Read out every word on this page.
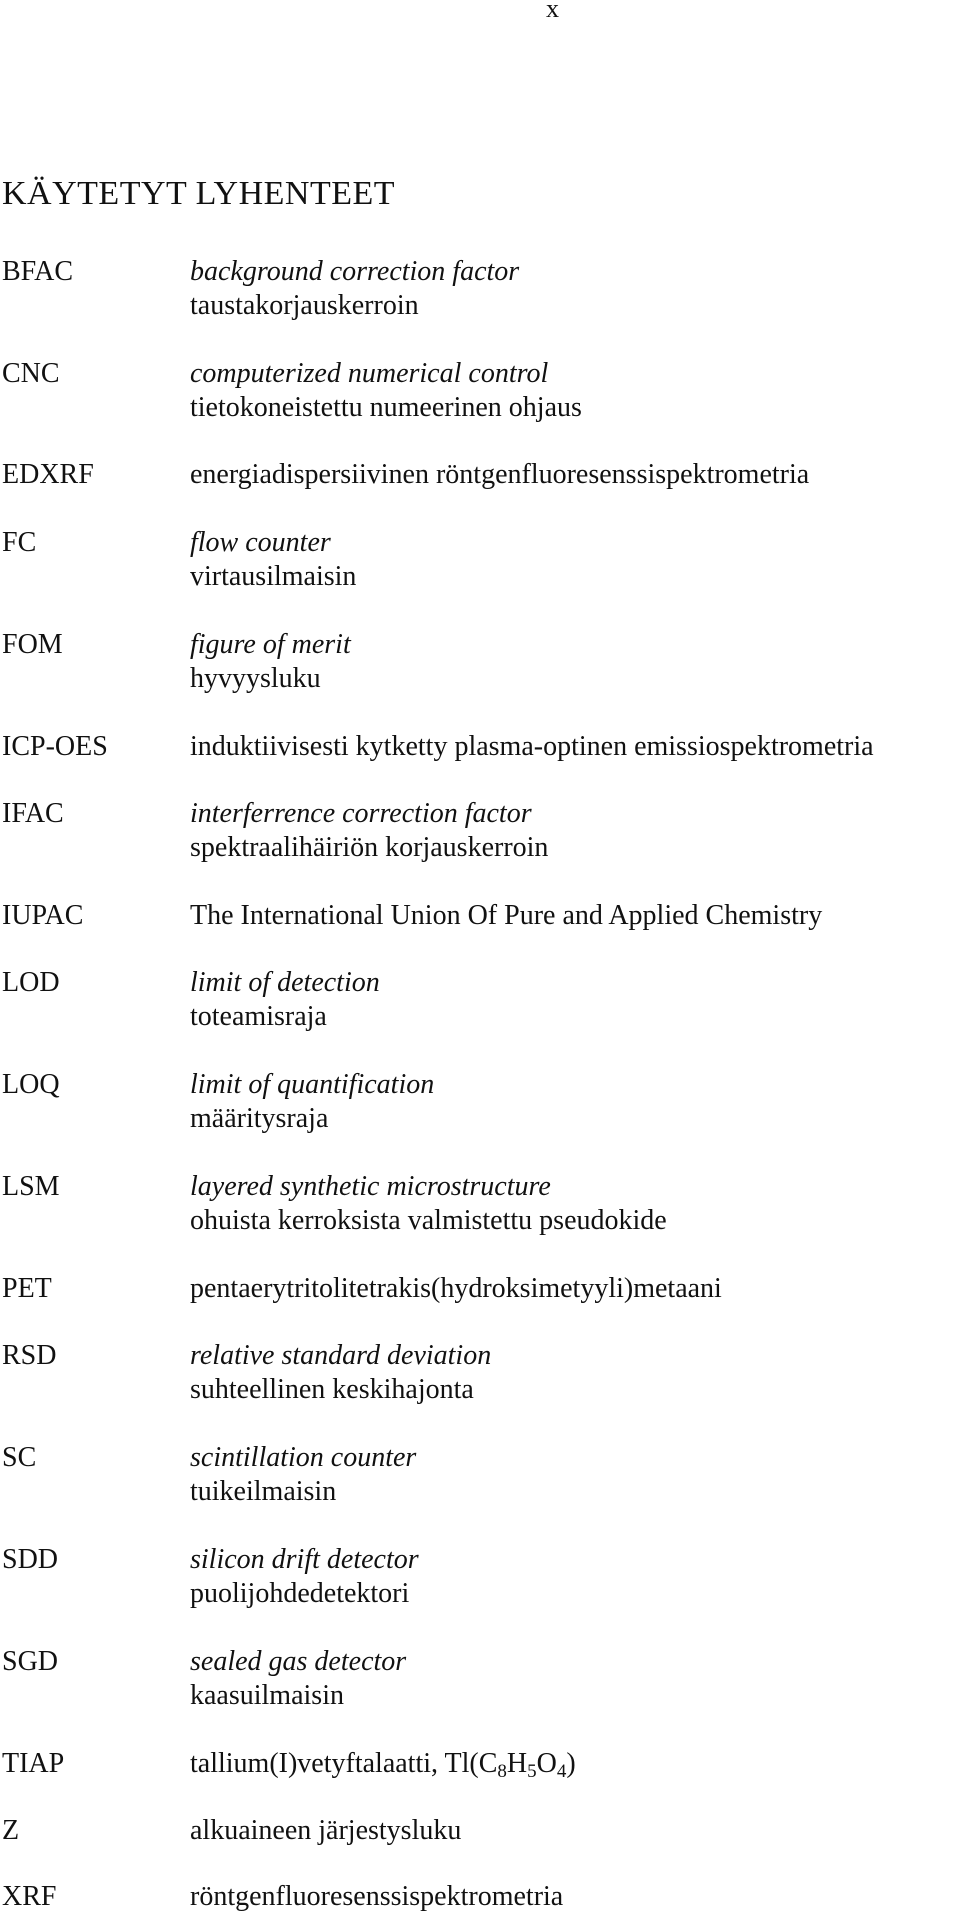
x
KÄYTETYT LYHENTEET
BFAC	background correction factor
taustakorjauskerroin
CNC	computerized numerical control
tietokoneistettu numeerinen ohjaus
EDXRF	energiadispersiivinen röntgenfluoresenssispektrometria
FC	flow counter
virtausilmaisin
FOM	figure of merit
hyvyysluku
ICP-OES	induktiivisesti kytketty plasma-optinen emissiospektrometria
IFAC	interferrence correction factor
spektraalihäiriön korjauskerroin
IUPAC	The International Union Of Pure and Applied Chemistry
LOD	limit of detection
toteamisraja
LOQ	limit of quantification
määritysraja
LSM	layered synthetic microstructure
ohuista kerroksista valmistettu pseudokide
PET	pentaerytritolitetrakis(hydroksimetyyli)metaani
RSD	relative standard deviation
suhteellinen keskihajonta
SC	scintillation counter
tuikeilmaisin
SDD	silicon drift detector
puolijohdedetektori
SGD	sealed gas detector
kaasuilmaisin
TIAP	tallium(I)vetyftalaatti, $Tl(C_8H_5O_4)$
Z	alkuaineen järjestysluku
XRF	röntgenfluoresenssispektrometria
